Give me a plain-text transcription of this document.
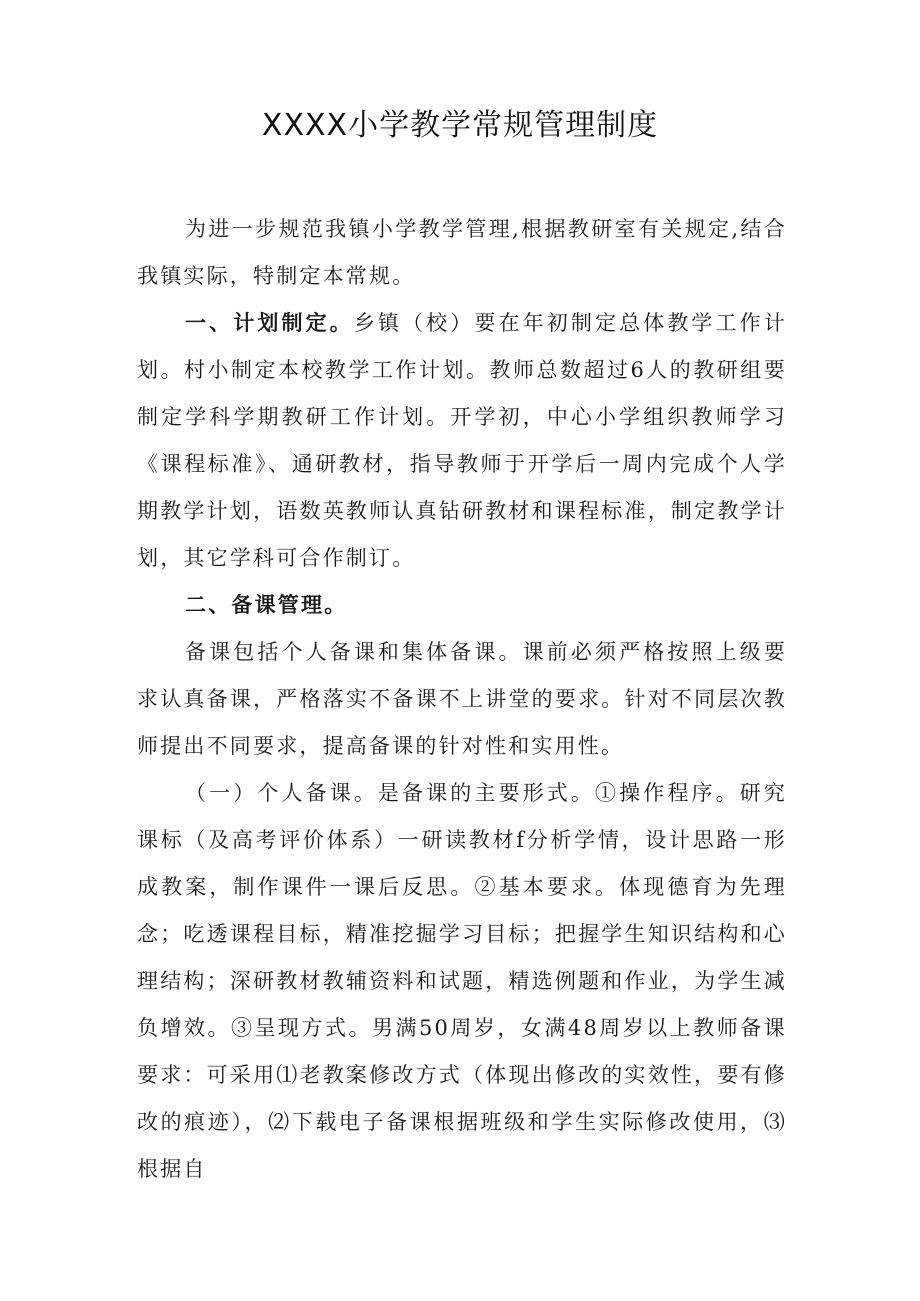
XXXX小学教学常规管理制度

为进一步规范我镇小学教学管理,根据教研室有关规定,结合我镇实际，特制定本常规。

一、计划制定。乡镇（校）要在年初制定总体教学工作计划。村小制定本校教学工作计划。教师总数超过6人的教研组要制定学科学期教研工作计划。开学初，中心小学组织教师学习《课程标准》、通研教材，指导教师于开学后一周内完成个人学期教学计划，语数英教师认真钻研教材和课程标准，制定教学计划，其它学科可合作制订。

二、备课管理。

备课包括个人备课和集体备课。课前必须严格按照上级要求认真备课，严格落实不备课不上讲堂的要求。针对不同层次教师提出不同要求，提高备课的针对性和实用性。

（一）个人备课。是备课的主要形式。①操作程序。研究课标（及高考评价体系）一研读教材f分析学情，设计思路一形成教案，制作课件一课后反思。②基本要求。体现德育为先理念；吃透课程目标，精准挖掘学习目标；把握学生知识结构和心理结构；深研教材教辅资料和试题，精选例题和作业，为学生减负增效。③呈现方式。男满50周岁，女满48周岁以上教师备课要求：可采用⑴老教案修改方式（体现出修改的实效性，要有修改的痕迹），⑵下载电子备课根据班级和学生实际修改使用，⑶根据自
